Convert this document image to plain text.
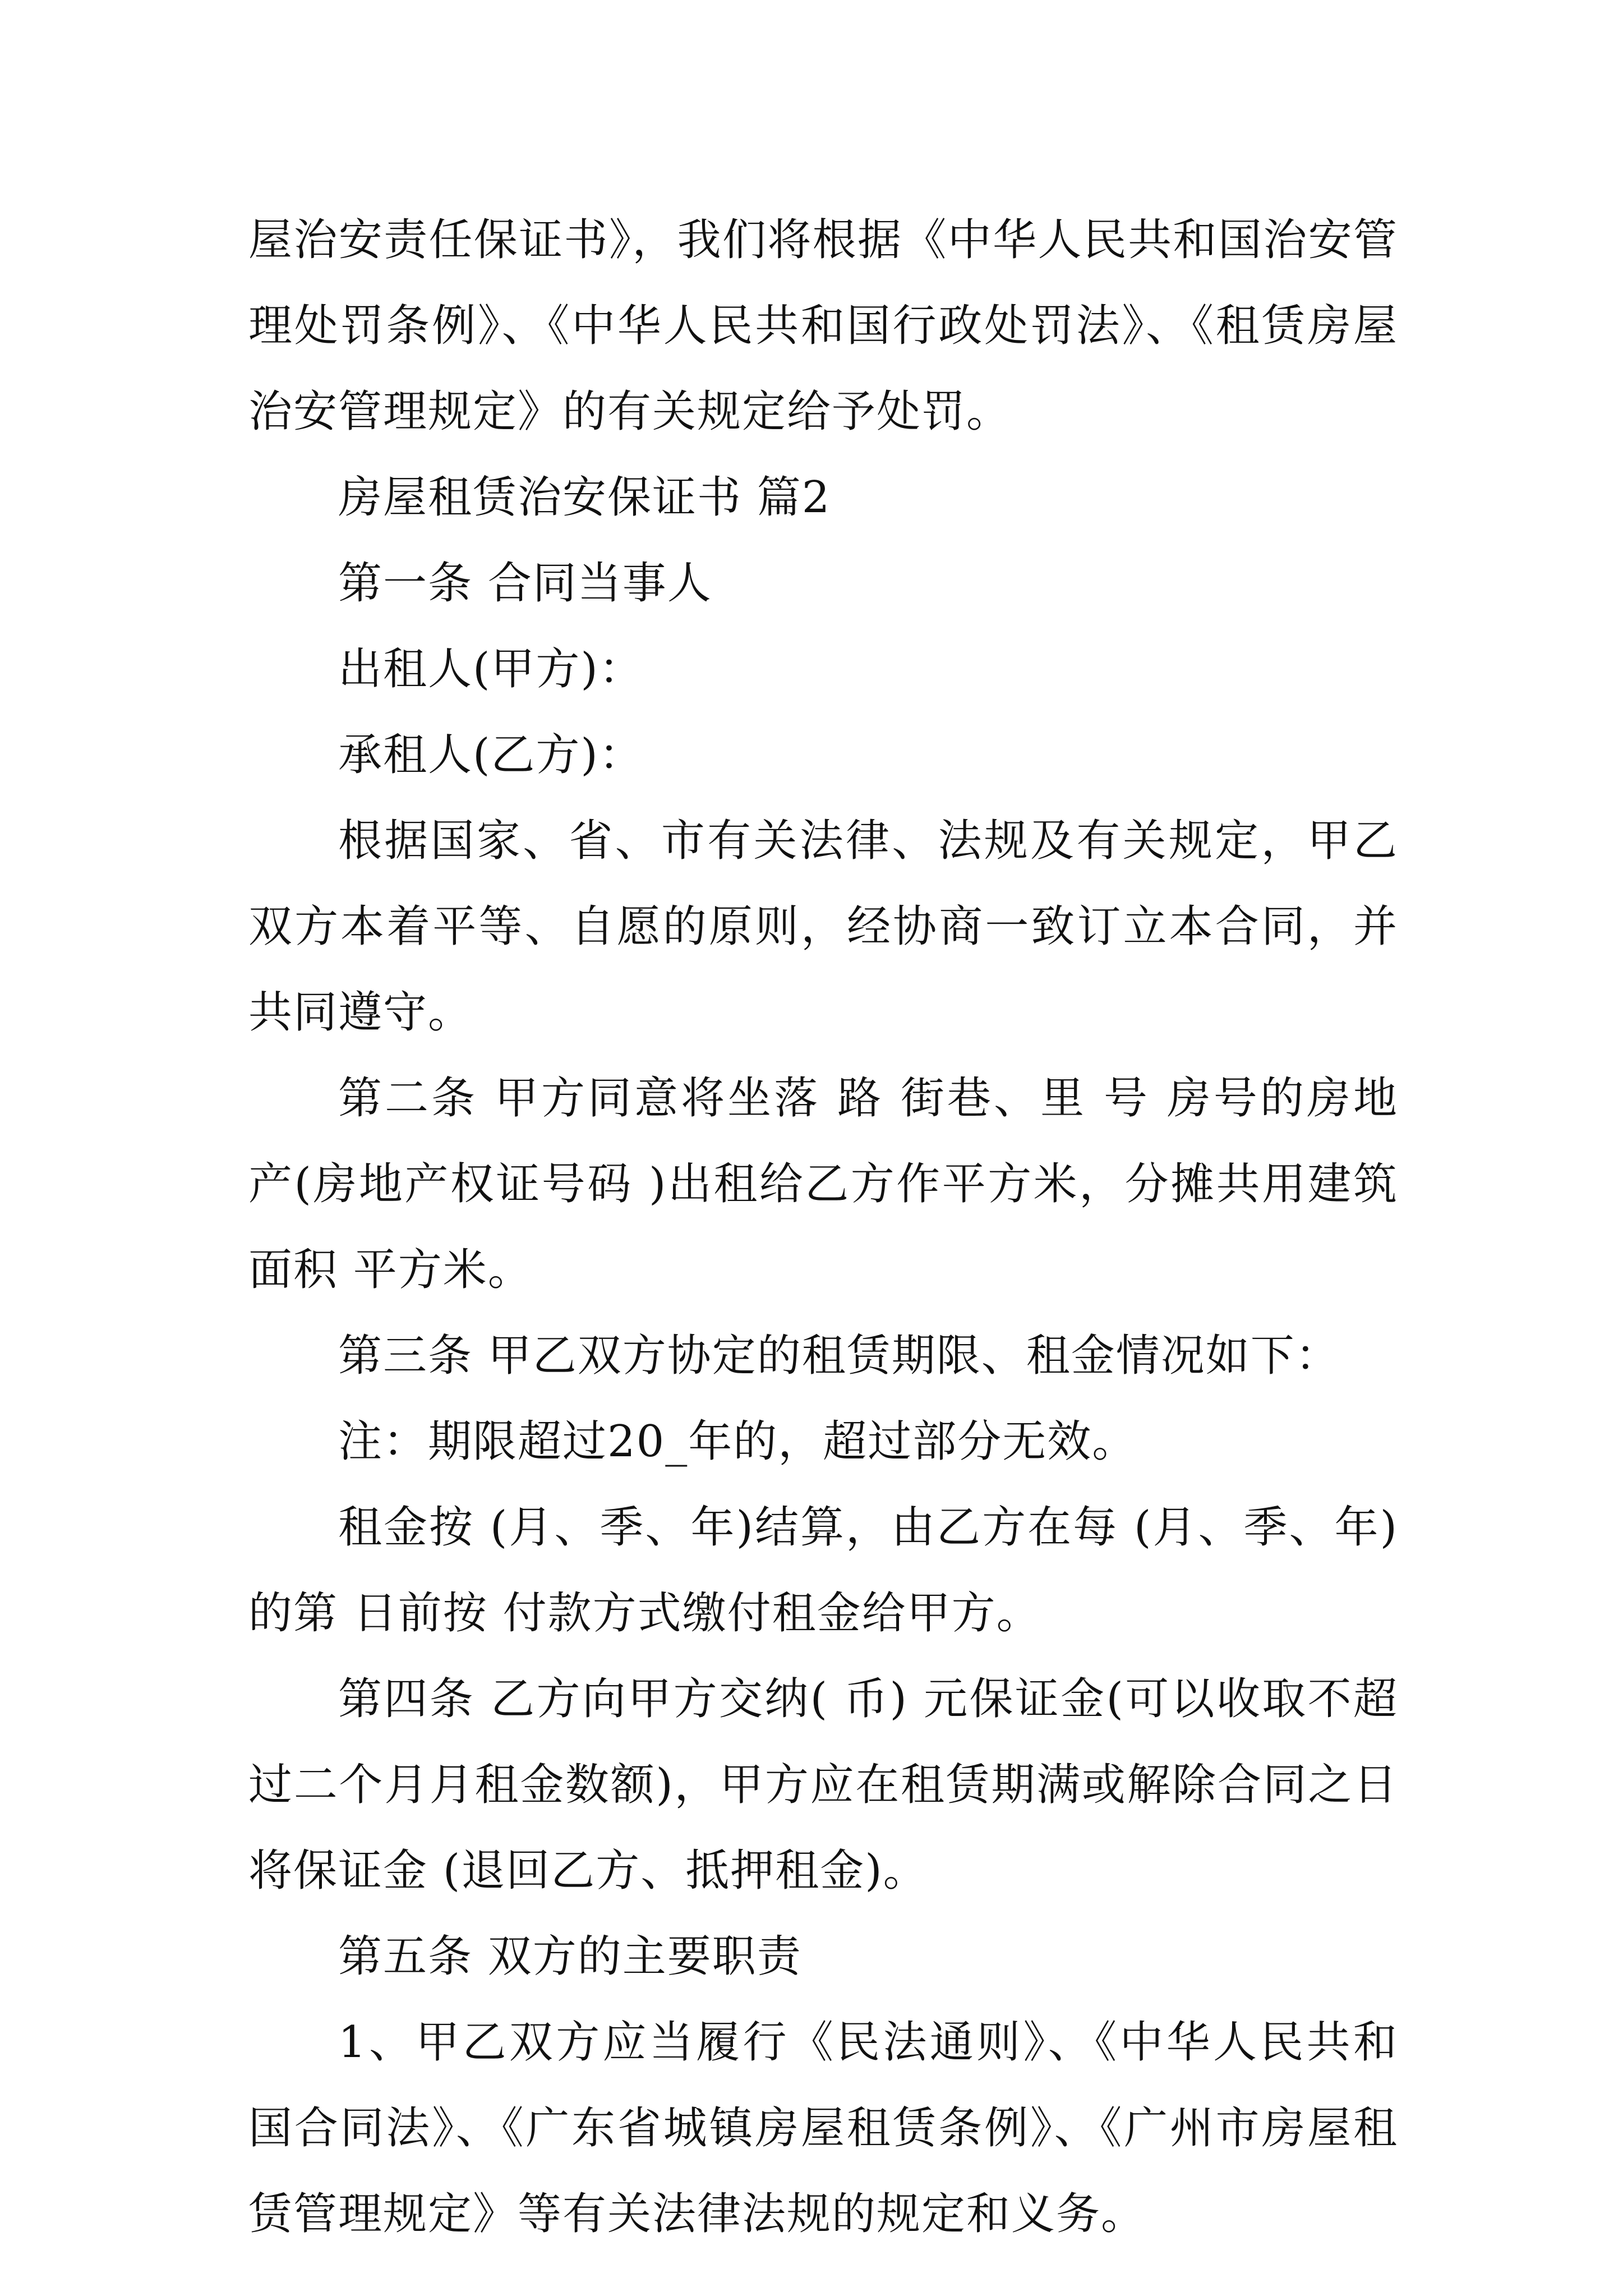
屋治安责任保证书》，我们将根据《中华人民共和国治安管理处罚条例》、《中华人民共和国行政处罚法》、《租赁房屋治安管理规定》的有关规定给予处罚。

房屋租赁治安保证书 篇2

第一条 合同当事人

出租人(甲方)：

承租人(乙方)：

根据国家、省、市有关法律、法规及有关规定，甲乙双方本着平等、自愿的原则，经协商一致订立本合同，并共同遵守。

第二条 甲方同意将坐落 路 街巷、里 号 房号的房地产(房地产权证号码 )出租给乙方作平方米，分摊共用建筑面积 平方米。

第三条 甲乙双方协定的租赁期限、租金情况如下：

注：期限超过20_年的，超过部分无效。

租金按 (月、季、年)结算，由乙方在每 (月、季、年)的第 日前按 付款方式缴付租金给甲方。

第四条 乙方向甲方交纳( 币) 元保证金(可以收取不超过二个月月租金数额)，甲方应在租赁期满或解除合同之日将保证金 (退回乙方、抵押租金)。

第五条 双方的主要职责

1、甲乙双方应当履行《民法通则》、《中华人民共和国合同法》、《广东省城镇房屋租赁条例》、《广州市房屋租赁管理规定》等有关法律法规的规定和义务。
